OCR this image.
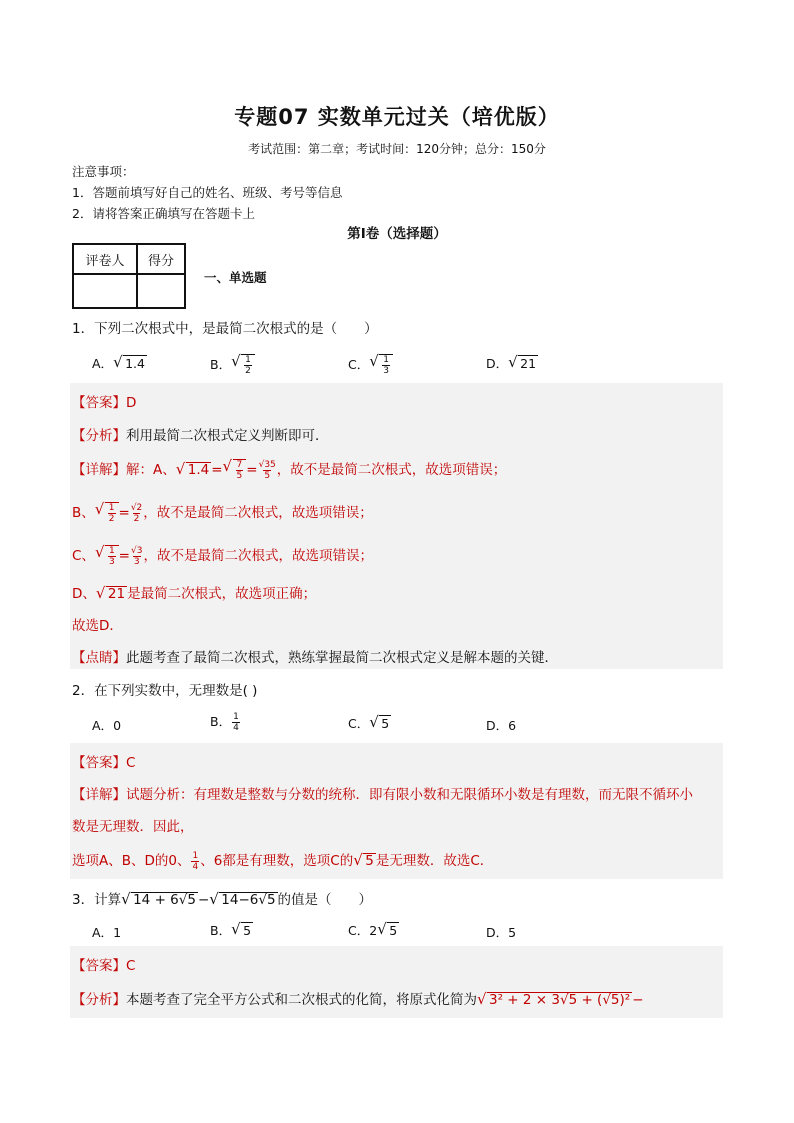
专题07 实数单元过关（培优版）
考试范围：第二章；考试时间：120分钟；总分：150分
注意事项：
1．答题前填写好自己的姓名、班级、考号等信息
2．请将答案正确填写在答题卡上
第I卷（选择题）
评卷人	得分

一、单选题
1．下列二次根式中，是最简二次根式的是（　　）
A． √ 1.4	B． √ $\frac{1}{2}$	C． √ $\frac{1}{3}$	D． √ 21
【答案】D
【分析】利用最简二次根式定义判断即可．
【详解】解：A、 √ 1.4 = √ $\frac{7}{5} = \frac{√35}{5}$ ，故不是最简二次根式，故选项错误；
B、 √ $\frac{1}{2} = \frac{√2}{2}$ ，故不是最简二次根式，故选项错误；
C、 √ $\frac{1}{3} = \frac{√3}{3}$ ，故不是最简二次根式，故选项错误；
D、 √ 21 是最简二次根式，故选项正确；
故选D．
【点睛】此题考查了最简二次根式，熟练掌握最简二次根式定义是解本题的关键．
2．在下列实数中，无理数是( )
A．0	B． $\frac{1}{4}$	C． √ 5	D．6
【答案】C
【详解】试题分析：有理数是整数与分数的统称．即有限小数和无限循环小数是有理数，而无限不循环小
数是无理数．因此，
选项A、B、D的0、 $\frac{1}{4}$ 、6都是有理数，选项C的 √ 5 是无理数．故选C．
3．计算 √ 14 + 6√5 − √ 14−6√5 的值是（　　）
A．1	B． √ 5	C．2 √ 5	D．5
【答案】C
【分析】本题考查了完全平方公式和二次根式的化简，将原式化简为 √ 3² + 2 × 3√5 + (√5)² −
